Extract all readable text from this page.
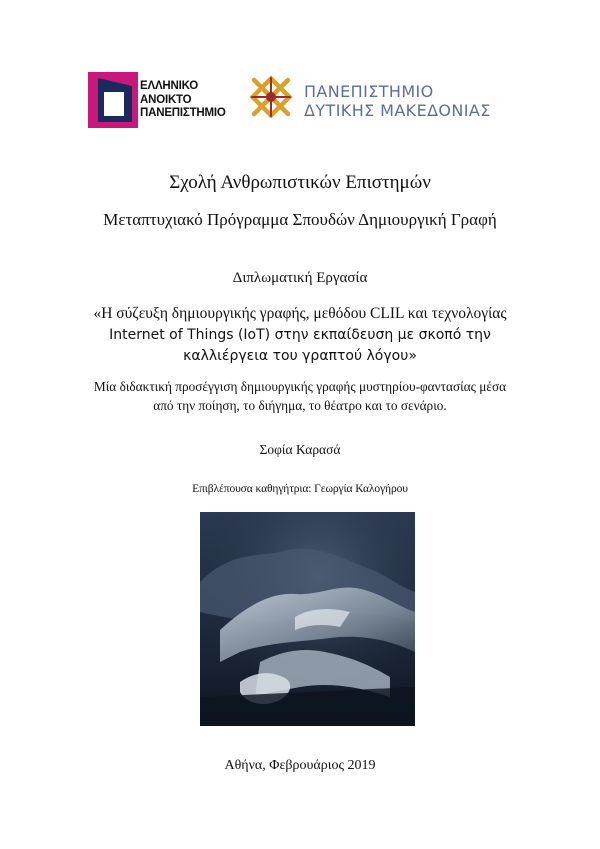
ΕΛΛΗΝΙΚΟ
ΑΝΟΙΚΤΟ
ΠΑΝΕΠΙΣΤΗΜΙΟ
ΠΑΝΕΠΙΣΤΗΜΙΟ
ΔΥΤΙΚΗΣ ΜΑΚΕΔΟΝΙΑΣ
Σχολή Ανθρωπιστικών Επιστημών
Μεταπτυχιακό Πρόγραμμα Σπουδών Δημιουργική Γραφή
Διπλωματική Εργασία
«Η σύζευξη δημιουργικής γραφής, μεθόδου CLIL και τεχνολογίας
Internet of Things (IoT) στην εκπαίδευση με σκοπό την
καλλιέργεια του γραπτού λόγου»
Μία διδακτική προσέγγιση δημιουργικής γραφής μυστηρίου-φαντασίας μέσα
από την ποίηση, το διήγημα, το θέατρο και το σενάριο.
Σοφία Καρασά
Επιβλέπουσα καθηγήτρια: Γεωργία Καλογήρου
Αθήνα, Φεβρουάριος 2019
